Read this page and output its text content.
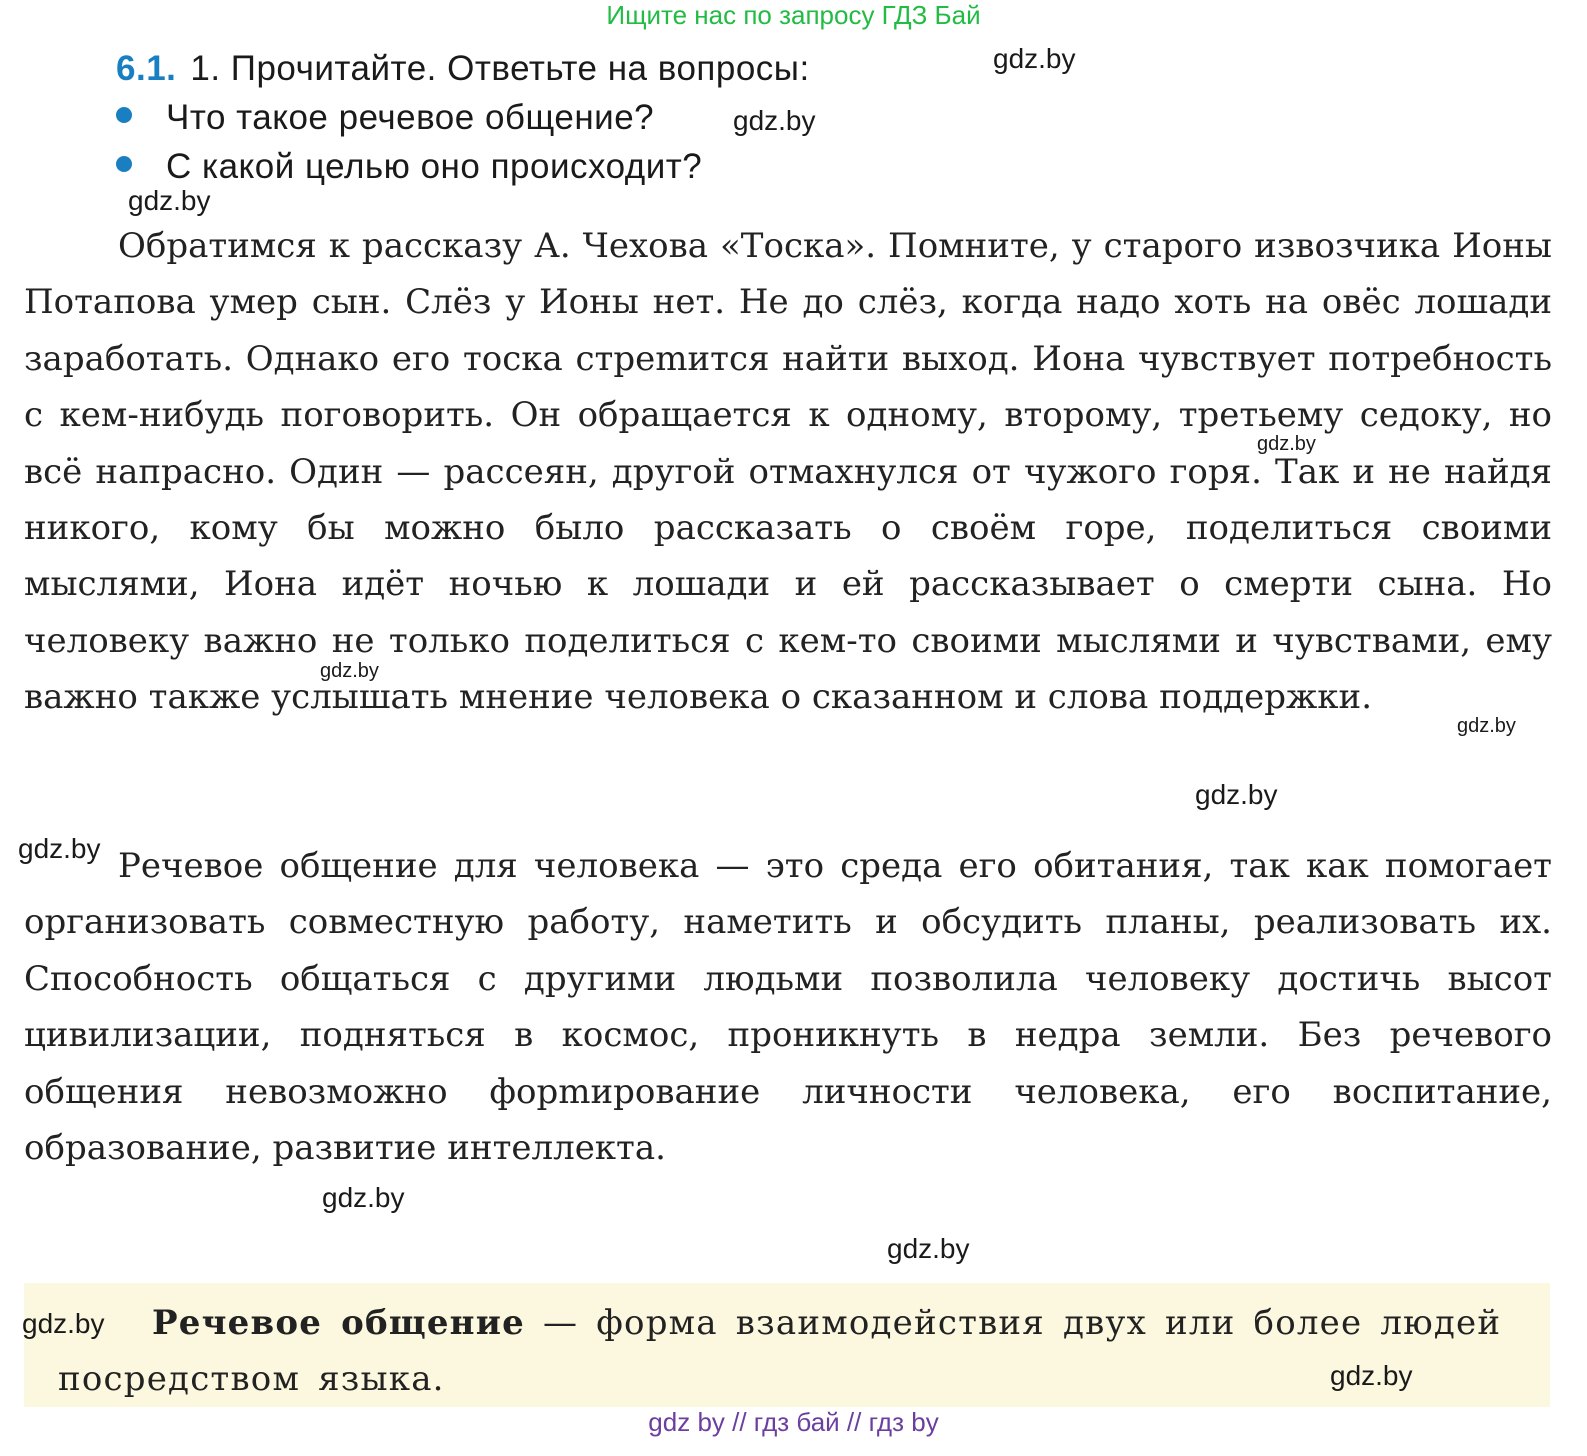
Ищите нас по запросу ГДЗ Бай
6.1. 1. Прочитайте. Ответьте на вопросы:
Что такое речевое общение?
С какой целью оно происходит?

Обратимся к рассказу А. Чехова «Тоска». Помните, у старого извозчика Ионы Потапова умер сын. Слёз у Ионы нет. Не до слёз, когда надо хоть на овёс лошади заработать. Однако его тоска стреmится найти выход. Иона чувствует потребность с кем-нибудь поговорить. Он обращается к одному, второму, третьему седоку, но всё напрасно. Один — рассеян, другой отмахнулся от чужого горя. Так и не найдя никого, кому бы можно было рассказать о своём горе, поделиться своими мыслями, Иона идёт ночью к лошади и ей рассказывает о смерти сына. Но человеку важно не только поделиться с кем-то своими мыслями и чувствами, ему важно также услышать мнение человека о сказанном и слова поддержки.

Речевое общение для человека — это среда его обитания, так как помогает организовать совместную работу, наметить и обсудить планы, реализовать их. Способность общаться с другими людьми позволила человеку достичь высот цивилизации, подняться в космос, проникнуть в недра земли. Без речевого общения невозможно форmирование личности человека, его воспитание, образование, развитие интеллекта.

Речевое общение — форма взаимодействия двух или более людей посредством языка.

gdz.by
gdz.by
gdz.by
gdz.by
gdz.by
gdz.by
gdz.by
gdz.by
gdz.by
gdz.by
gdz.by
gdz.by
gdz by // гдз бай // гдз by
